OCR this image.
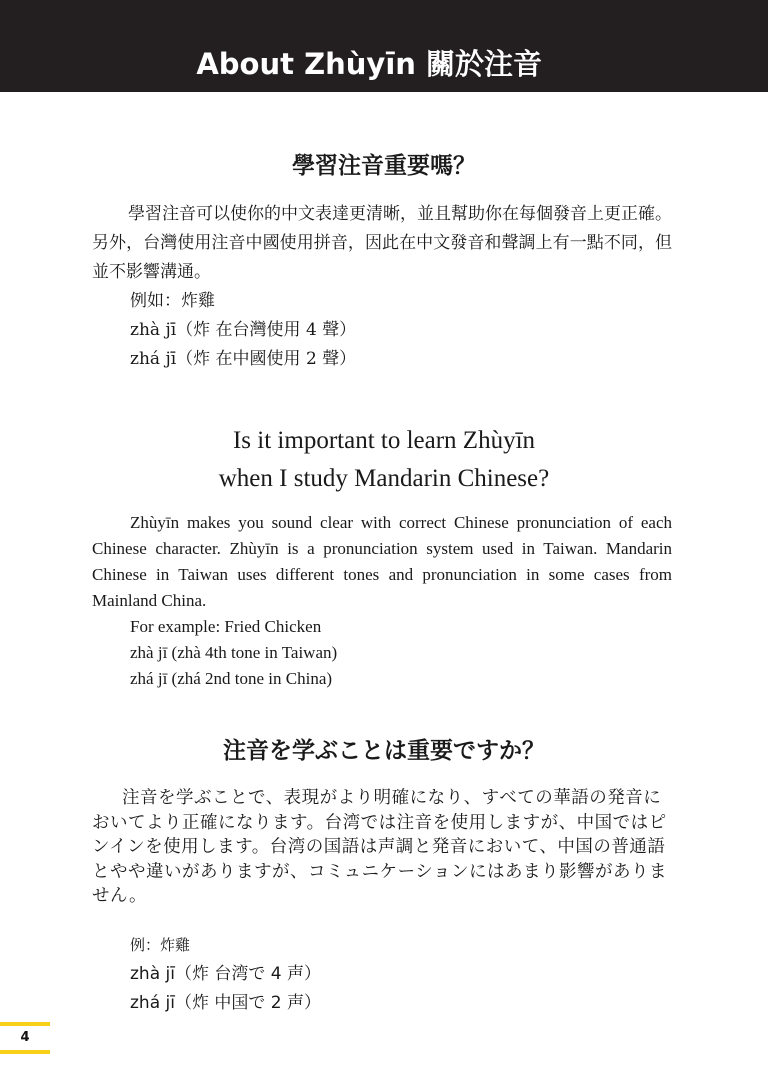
About Zhùyīn 關於注音
學習注音重要嗎？

學習注音可以使你的中文表達更清晰，並且幫助你在每個發音上更正確。另外，台灣使用注音中國使用拼音，因此在中文發音和聲調上有一點不同，但並不影響溝通。

例如：炸雞

zhà jī（炸 在台灣使用 4 聲）

zhá jī（炸 在中國使用 2 聲）

Is it important to learn Zhùyīn
when I study Mandarin Chinese?

Zhùyīn makes you sound clear with correct Chinese pronunciation of each Chinese character. Zhùyīn is a pronunciation system used in Taiwan. Mandarin Chinese in Taiwan uses different tones and pronunciation in some cases from Mainland China.

For example: Fried Chicken

zhà jī (zhà 4th tone in Taiwan)

zhá jī (zhá 2nd tone in China)

注音を学ぶことは重要ですか？

注音を学ぶことで、表現がより明確になり、すべての華語の発音においてより正確になります。台湾では注音を使用しますが、中国ではピンインを使用します。台湾の国語は声調と発音において、中国の普通語とやや違いがありますが、コミュニケーションにはあまり影響がありません。

例：炸雞
zhà jī（炸 台湾で 4 声）
zhá jī（炸 中国で 2 声）
4
